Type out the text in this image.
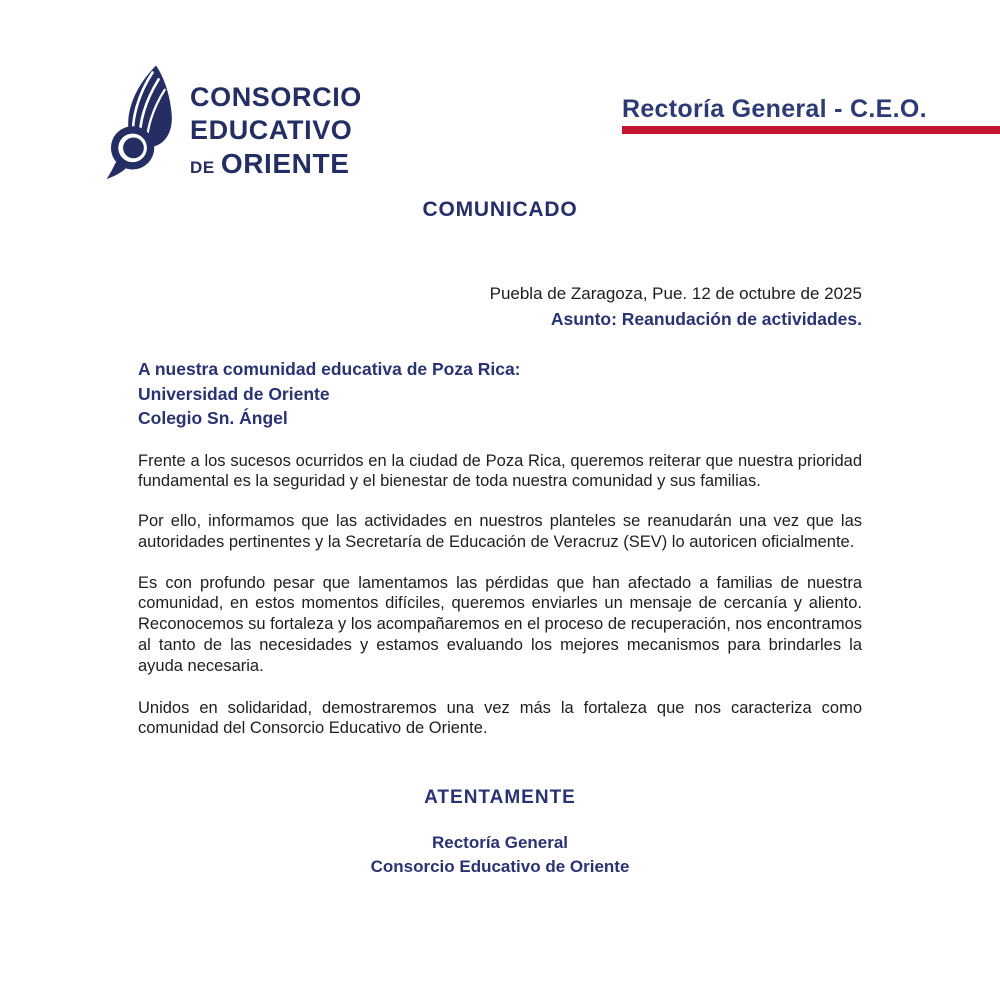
CONSORCIO
EDUCATIVO
DE ORIENTE
Rectoría General - C.E.O.
COMUNICADO
Puebla de Zaragoza, Pue. 12 de octubre de 2025
Asunto: Reanudación de actividades.
A nuestra comunidad educativa de Poza Rica:
Universidad de Oriente
Colegio Sn. Ángel

Frente a los sucesos ocurridos en la ciudad de Poza Rica, queremos reiterar que nuestra prioridad fundamental es la seguridad y el bienestar de toda nuestra comunidad y sus familias.

Por ello, informamos que las actividades en nuestros planteles se reanudarán una vez que las autoridades pertinentes y la Secretaría de Educación de Veracruz (SEV) lo autoricen oficialmente.

Es con profundo pesar que lamentamos las pérdidas que han afectado a familias de nuestra comunidad, en estos momentos difíciles, queremos enviarles un mensaje de cercanía y aliento. Reconocemos su fortaleza y los acompañaremos en el proceso de recuperación, nos encontramos al tanto de las necesidades y estamos evaluando los mejores mecanismos para brindarles la ayuda necesaria.

Unidos en solidaridad, demostraremos una vez más la fortaleza que nos caracteriza como comunidad del Consorcio Educativo de Oriente.

ATENTAMENTE
Rectoría General
Consorcio Educativo de Oriente
